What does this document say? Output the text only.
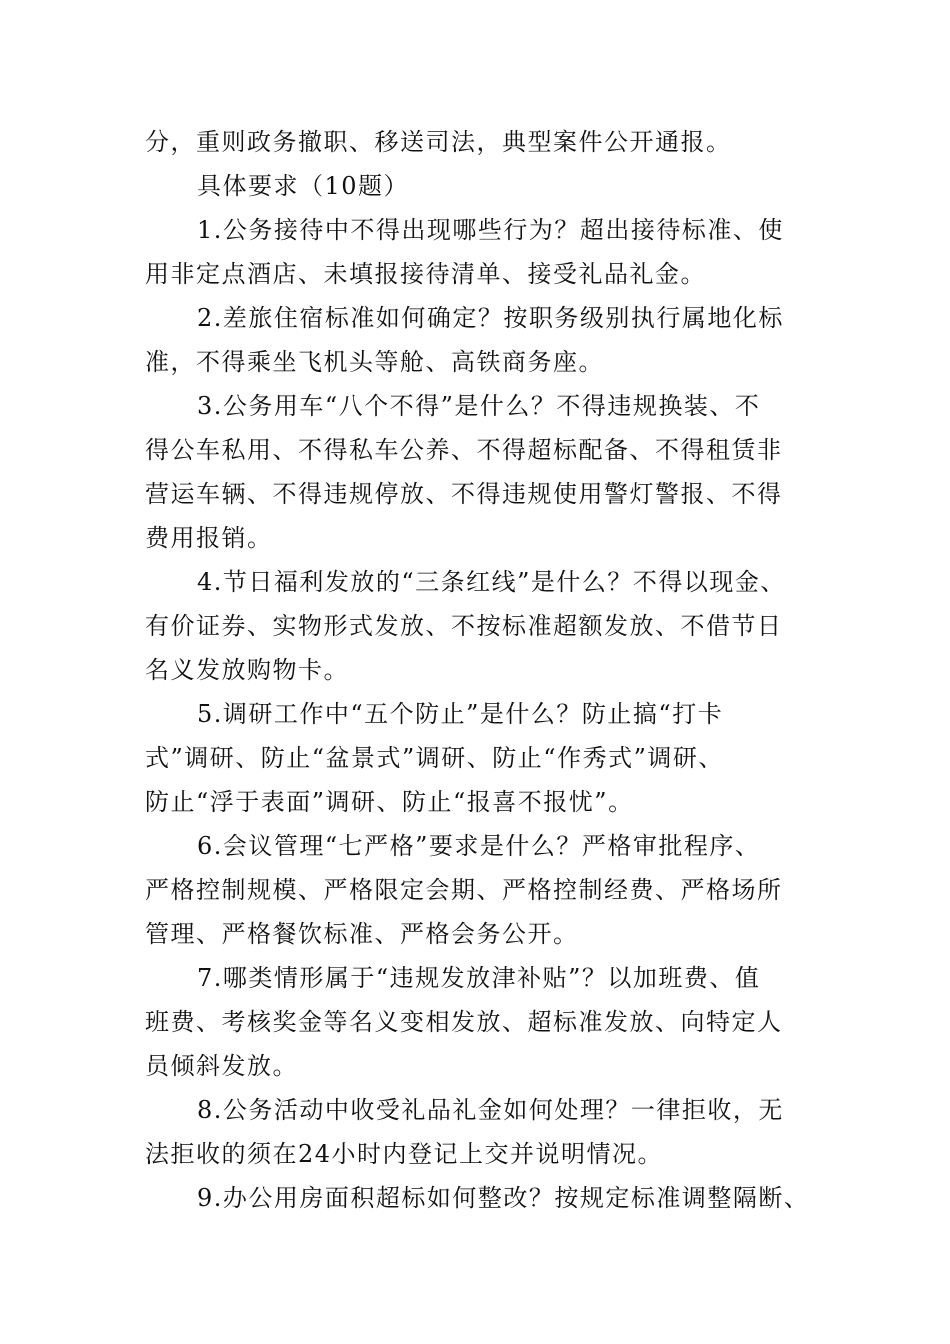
分，重则政务撤职、移送司法，典型案件公开通报。
具体要求（10题）
1.公务接待中不得出现哪些行为？超出接待标准、使
用非定点酒店、未填报接待清单、接受礼品礼金。
2.差旅住宿标准如何确定？按职务级别执行属地化标
准，不得乘坐飞机头等舱、高铁商务座。
3.公务用车“八个不得”是什么？不得违规换装、不
得公车私用、不得私车公养、不得超标配备、不得租赁非
营运车辆、不得违规停放、不得违规使用警灯警报、不得
费用报销。
4.节日福利发放的“三条红线”是什么？不得以现金、
有价证券、实物形式发放、不按标准超额发放、不借节日
名义发放购物卡。
5.调研工作中“五个防止”是什么？防止搞“打卡
式”调研、防止“盆景式”调研、防止“作秀式”调研、
防止“浮于表面”调研、防止“报喜不报忧”。
6.会议管理“七严格”要求是什么？严格审批程序、
严格控制规模、严格限定会期、严格控制经费、严格场所
管理、严格餐饮标准、严格会务公开。
7.哪类情形属于“违规发放津补贴”？以加班费、值
班费、考核奖金等名义变相发放、超标准发放、向特定人
员倾斜发放。
8.公务活动中收受礼品礼金如何处理？一律拒收，无
法拒收的须在24小时内登记上交并说明情况。
9.办公用房面积超标如何整改？按规定标准调整隔断、
